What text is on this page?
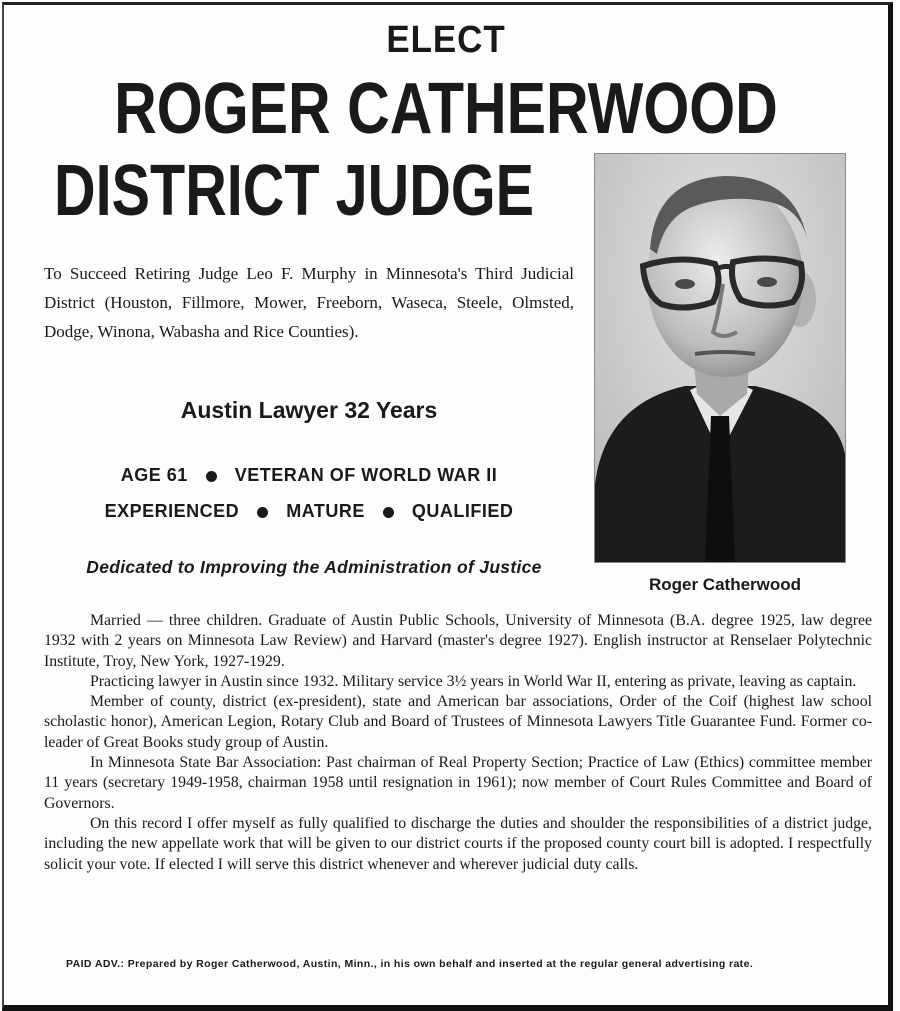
ELECT
ROGER CATHERWOOD
DISTRICT JUDGE
To Succeed Retiring Judge Leo F. Murphy in Minnesota's Third Judicial District (Houston, Fillmore, Mower, Freeborn, Waseca, Steele, Olmsted, Dodge, Winona, Wabasha and Rice Counties).
Austin Lawyer 32 Years
AGE 61	VETERAN OF WORLD WAR II
EXPERIENCED	MATURE	QUALIFIED
Dedicated to Improving the Administration of Justice
Roger Catherwood

Married — three children. Graduate of Austin Public Schools, University of Minnesota (B.A. degree 1925, law degree 1932 with 2 years on Minnesota Law Review) and Harvard (master's degree 1927). English instructor at Renselaer Polytechnic Institute, Troy, New York, 1927-1929.

Practicing lawyer in Austin since 1932. Military service 3½ years in World War II, entering as private, leaving as captain.

Member of county, district (ex-president), state and American bar associations, Order of the Coif (highest law school scholastic honor), American Legion, Rotary Club and Board of Trustees of Minnesota Lawyers Title Guarantee Fund. Former co-leader of Great Books study group of Austin.

In Minnesota State Bar Association: Past chairman of Real Property Section; Practice of Law (Ethics) committee member 11 years (secretary 1949-1958, chairman 1958 until resignation in 1961); now member of Court Rules Committee and Board of Governors.

On this record I offer myself as fully qualified to discharge the duties and shoulder the responsibilities of a district judge, including the new appellate work that will be given to our district courts if the proposed county court bill is adopted. I respectfully solicit your vote. If elected I will serve this district whenever and wherever judicial duty calls.

PAID ADV.: Prepared by Roger Catherwood, Austin, Minn., in his own behalf and inserted at the regular general advertising rate.
